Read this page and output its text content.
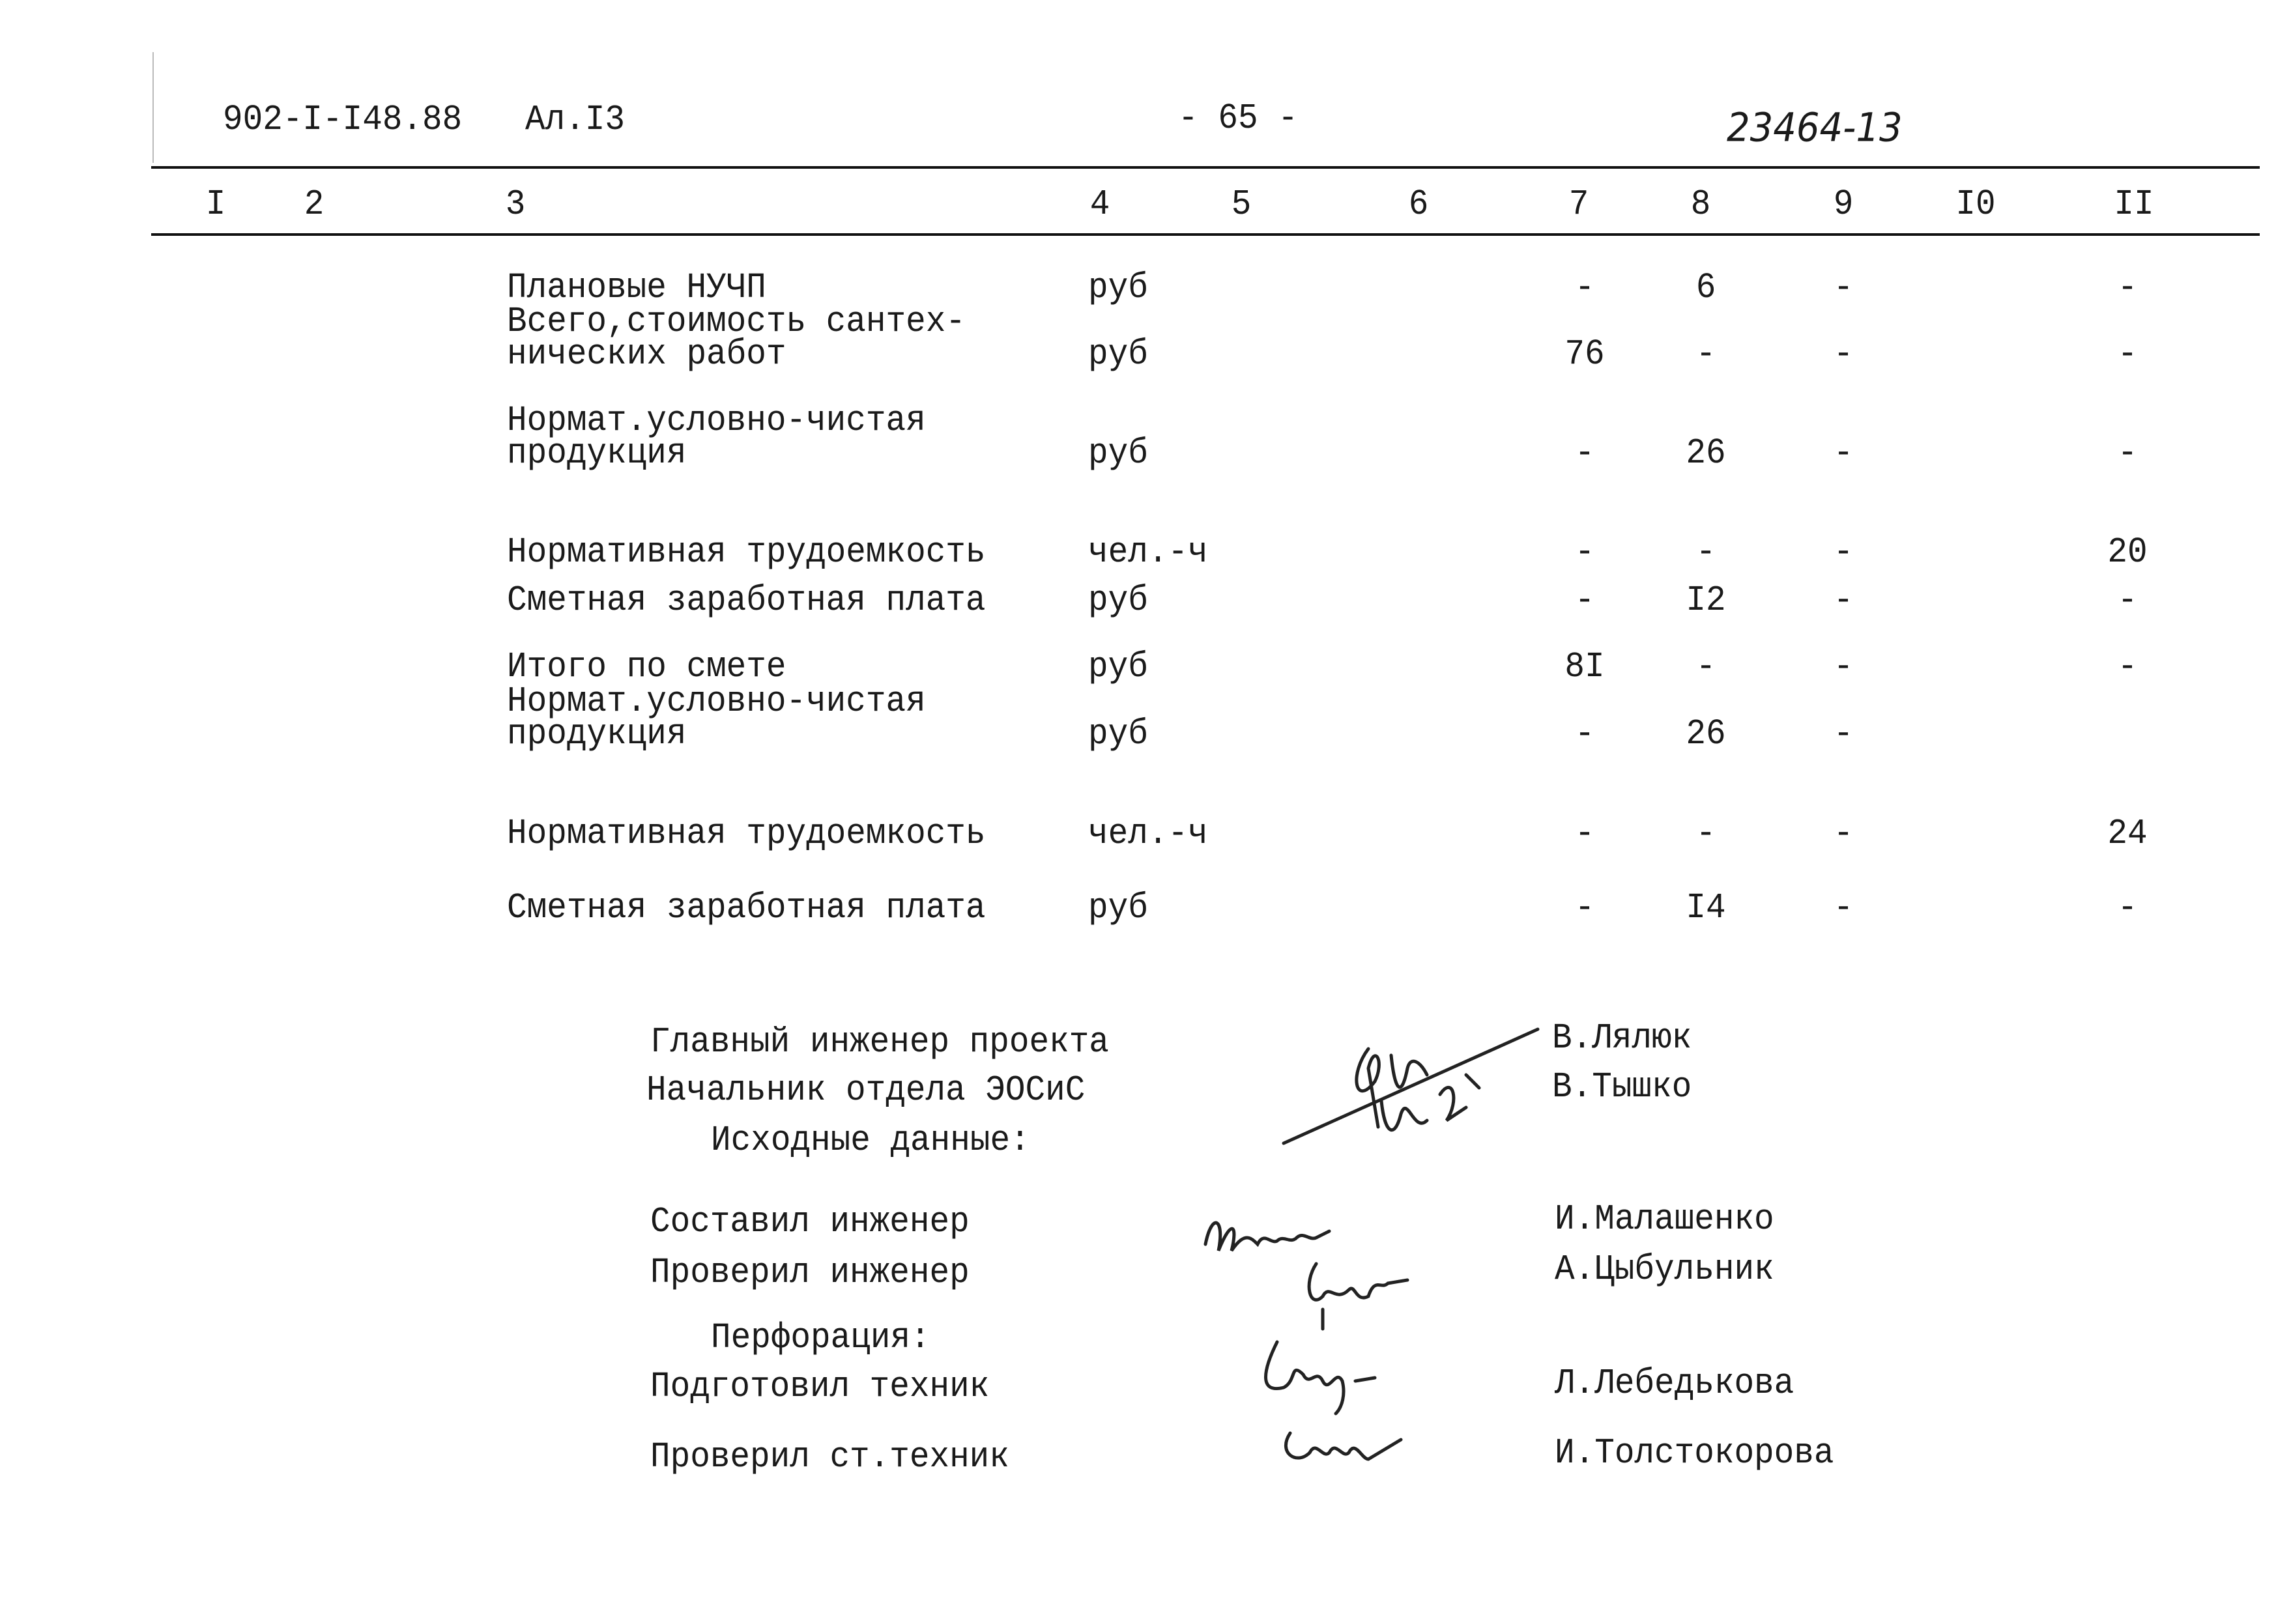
902-I-I48.88 Ал.I3	- 65 -	23464-13
I 2	3	4	5	6	7	8	9	I0	II
Плановые НУЧП	руб	-	6	-	-
Всего,стоимость сантех-
нических работ	руб	76	-	-	-
Нормат.условно-чистая
продукция	руб	-	26	-	-
Нормативная трудоемкость	чел.-ч	-	-	-	20
Сметная заработная плата	руб	-	I2	-	-
Итого по смете	руб	8I	-	-	-
Нормат.условно-чистая
продукция	руб	-	26	-
Нормативная трудоемкость	чел.-ч	-	-	-	24
Сметная заработная плата	руб	-	I4	-	-
Главный инженер проекта	В.Лялюк
Начальник отдела ЭОСиС	В.Тышко
Исходные данные:
Составил инженер	И.Малашенко
Проверил инженер	А.Цыбульник
Перфорация:
Подготовил техник	Л.Лебедькова
Проверил ст.техник	И.Толстокорова
